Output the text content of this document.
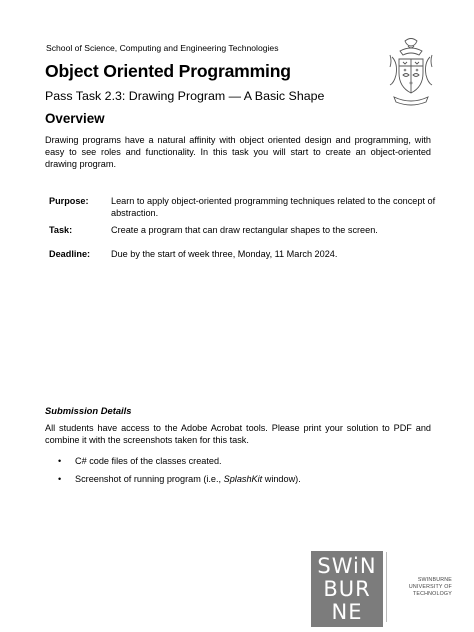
School of Science, Computing and Engineering Technologies
Object Oriented Programming
Pass Task 2.3: Drawing Program — A Basic Shape
Overview
Drawing programs have a natural affinity with object oriented design and programming, with easy to see roles and functionality. In this task you will start to create an object-oriented drawing program.
Purpose: Learn to apply object-oriented programming techniques related to the concept of abstraction.
Task:	Create a program that can draw rectangular shapes to the screen.
Deadline: Due by the start of week three, Monday, 11 March 2024.
Submission Details
All students have access to the Adobe Acrobat tools. Please print your solution to PDF and combine it with the screenshots taken for this task.
• C# code files of the classes created.
• Screenshot of running program (i.e., SplashKit window).
SWiN
BUR
NE
SWINBURNE UNIVERSITY OF TECHNOLOGY
